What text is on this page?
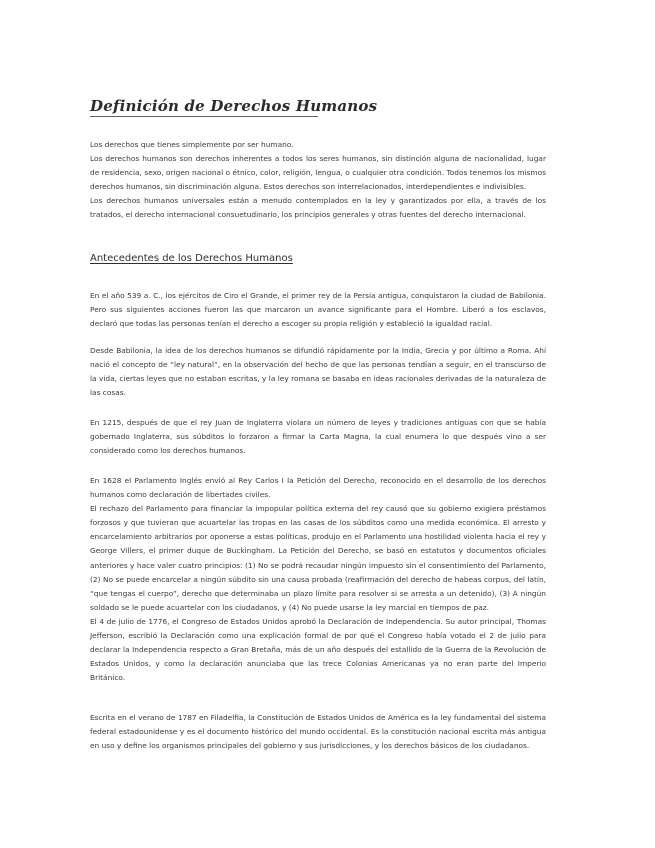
Definición de Derechos Humanos

Los derechos que tienes simplemente por ser humano.

Los derechos humanos son derechos inherentes a todos los seres humanos, sin distinción alguna de nacionalidad, lugar de residencia, sexo, origen nacional o étnico, color, religión, lengua, o cualquier otra condición. Todos tenemos los mismos derechos humanos, sin discriminación alguna. Estos derechos son interrelacionados, interdependientes e indivisibles.

Los derechos humanos universales están a menudo contemplados en la ley y garantizados por ella, a través de los tratados, el derecho internacional consuetudinario, los principios generales y otras fuentes del derecho internacional.

Antecedentes de los Derechos Humanos

En el año 539 a. C., los ejércitos de Ciro el Grande, el primer rey de la Persia antigua, conquistaron la ciudad de Babilonia. Pero sus siguientes acciones fueron las que marcaron un avance significante para el Hombre. Liberó a los esclavos, declaró que todas las personas tenían el derecho a escoger su propia religión y estableció la igualdad racial.

Desde Babilonia, la idea de los derechos humanos se difundió rápidamente por la India, Grecia y por último a Roma. Ahí nació el concepto de “ley natural”, en la observación del hecho de que las personas tendían a seguir, en el transcurso de la vida, ciertas leyes que no estaban escritas, y la ley romana se basaba en ideas racionales derivadas de la naturaleza de las cosas.

En 1215, después de que el rey Juan de Inglaterra violara un número de leyes y tradiciones antiguas con que se había gobernado Inglaterra, sus súbditos lo forzaron a firmar la Carta Magna, la cual enumera lo que después vino a ser considerado como los derechos humanos.

En 1628 el Parlamento Inglés envió al Rey Carlos I la Petición del Derecho, reconocido en el desarrollo de los derechos humanos como declaración de libertades civiles.

El rechazo del Parlamento para financiar la impopular política externa del rey causó que su gobierno exigiera préstamos forzosos y que tuvieran que acuartelar las tropas en las casas de los súbditos como una medida económica. El arresto y encarcelamiento arbitrarios por oponerse a estas políticas, produjo en el Parlamento una hostilidad violenta hacia el rey y George Villers, el primer duque de Buckingham. La Petición del Derecho, se basó en estatutos y documentos oficiales anteriores y hace valer cuatro principios: (1) No se podrá recaudar ningún impuesto sin el consentimiento del Parlamento, (2) No se puede encarcelar a ningún súbdito sin una causa probada (reafirmación del derecho de habeas corpus, del latín, “que tengas el cuerpo”, derecho que determinaba un plazo límite para resolver si se arresta a un detenido), (3) A ningún soldado se le puede acuartelar con los ciudadanos, y (4) No puede usarse la ley marcial en tiempos de paz.

El 4 de julio de 1776, el Congreso de Estados Unidos aprobó la Declaración de Independencia. Su autor principal, Thomas Jefferson, escribió la Declaración como una explicación formal de por qué el Congreso había votado el 2 de julio para declarar la Independencia respecto a Gran Bretaña, más de un año después del estallido de la Guerra de la Revolución de Estados Unidos, y como la declaración anunciaba que las trece Colonias Americanas ya no eran parte del Imperio Británico.

Escrita en el verano de 1787 en Filadelfia, la Constitución de Estados Unidos de América es la ley fundamental del sistema federal estadounidense y es el documento histórico del mundo occidental. Es la constitución nacional escrita más antigua en uso y define los organismos principales del gobierno y sus jurisdicciones, y los derechos básicos de los ciudadanos.
